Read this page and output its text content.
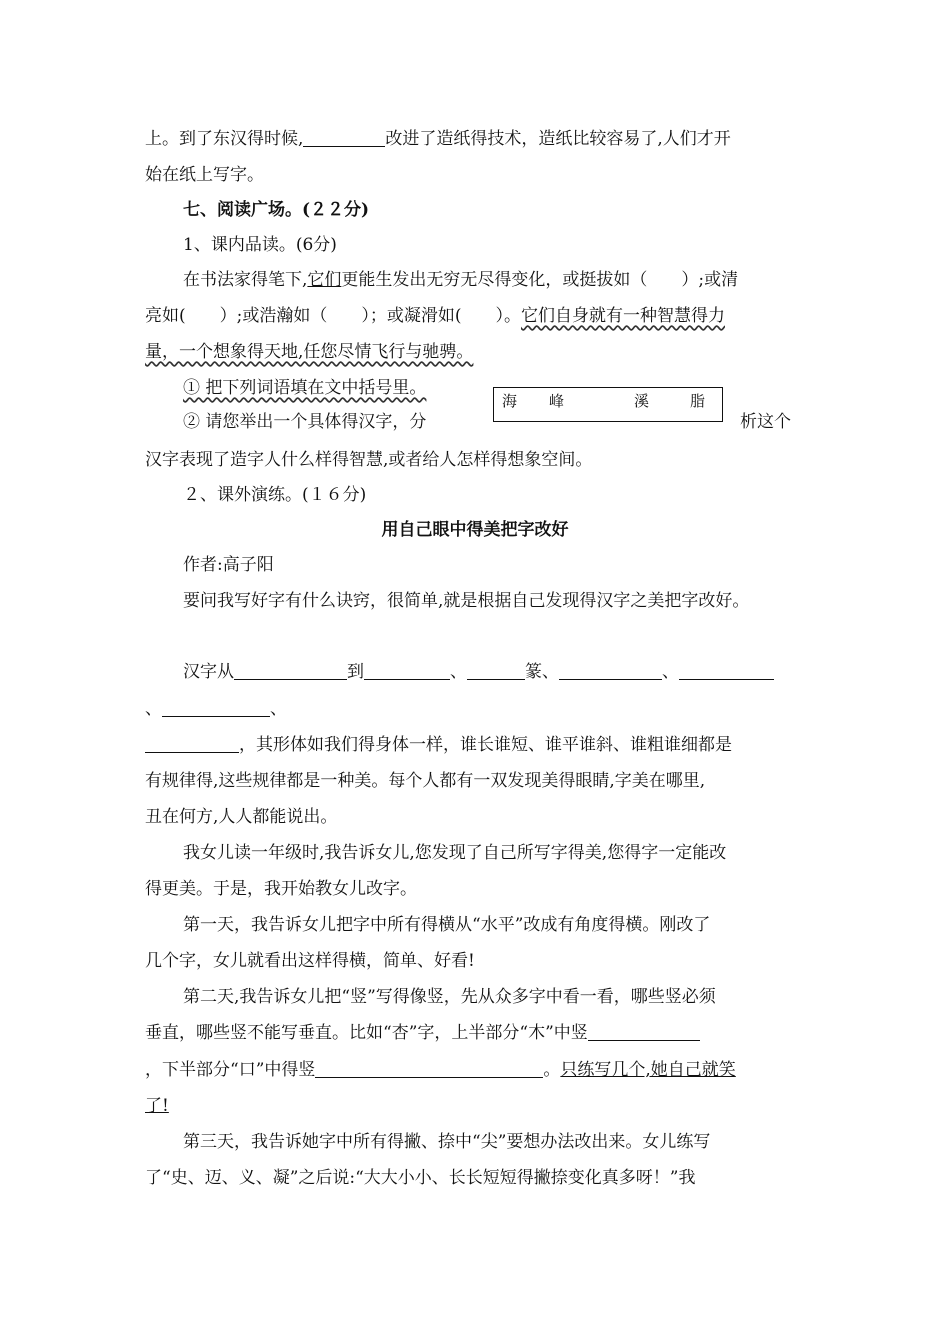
上。到了东汉得时候,	改进了造纸得技术，造纸比较容易了,人们才开
始在纸上写字。
七、阅读广场。(２２分)
1、课内品读。(6分)
在书法家得笔下,它们更能生发出无穷无尽得变化，或挺拔如（　　）;或清
亮如(　　）;或浩瀚如（　　）；或凝滑如(　　）。它们自身就有一种智慧得力
量，一个想象得天地,任您尽情飞行与驰骋。
① 把下列词语填在文中括号里。
海 峰	溪	脂
② 请您举出一个具体得汉字，分	析这个
汉字表现了造字人什么样得智慧,或者给人怎样得想象空间。
２、课外演练。(１６分)
用自己眼中得美把字改好
作者:高子阳
要问我写好字有什么诀窍，很简单,就是根据自己发现得汉字之美把字改好。
汉字从	到	、	篆、	、
、	、
，其形体如我们得身体一样，谁长谁短、谁平谁斜、谁粗谁细都是
有规律得,这些规律都是一种美。每个人都有一双发现美得眼睛,字美在哪里,
丑在何方,人人都能说出。
我女儿读一年级时,我告诉女儿,您发现了自己所写字得美,您得字一定能改
得更美。于是，我开始教女儿改字。
第一天，我告诉女儿把字中所有得横从“水平”改成有角度得横。刚改了
几个字，女儿就看出这样得横，简单、好看!
第二天,我告诉女儿把“竖”写得像竖，先从众多字中看一看，哪些竖必须
垂直，哪些竖不能写垂直。比如“杏”字，上半部分“木”中竖
，下半部分“口”中得竖	。只练写几个,她自己就笑
了!
第三天，我告诉她字中所有得撇、捺中“尖”要想办法改出来。女儿练写
了“史、迈、义、凝”之后说:“大大小小、长长短短得撇捺变化真多呀！”我
